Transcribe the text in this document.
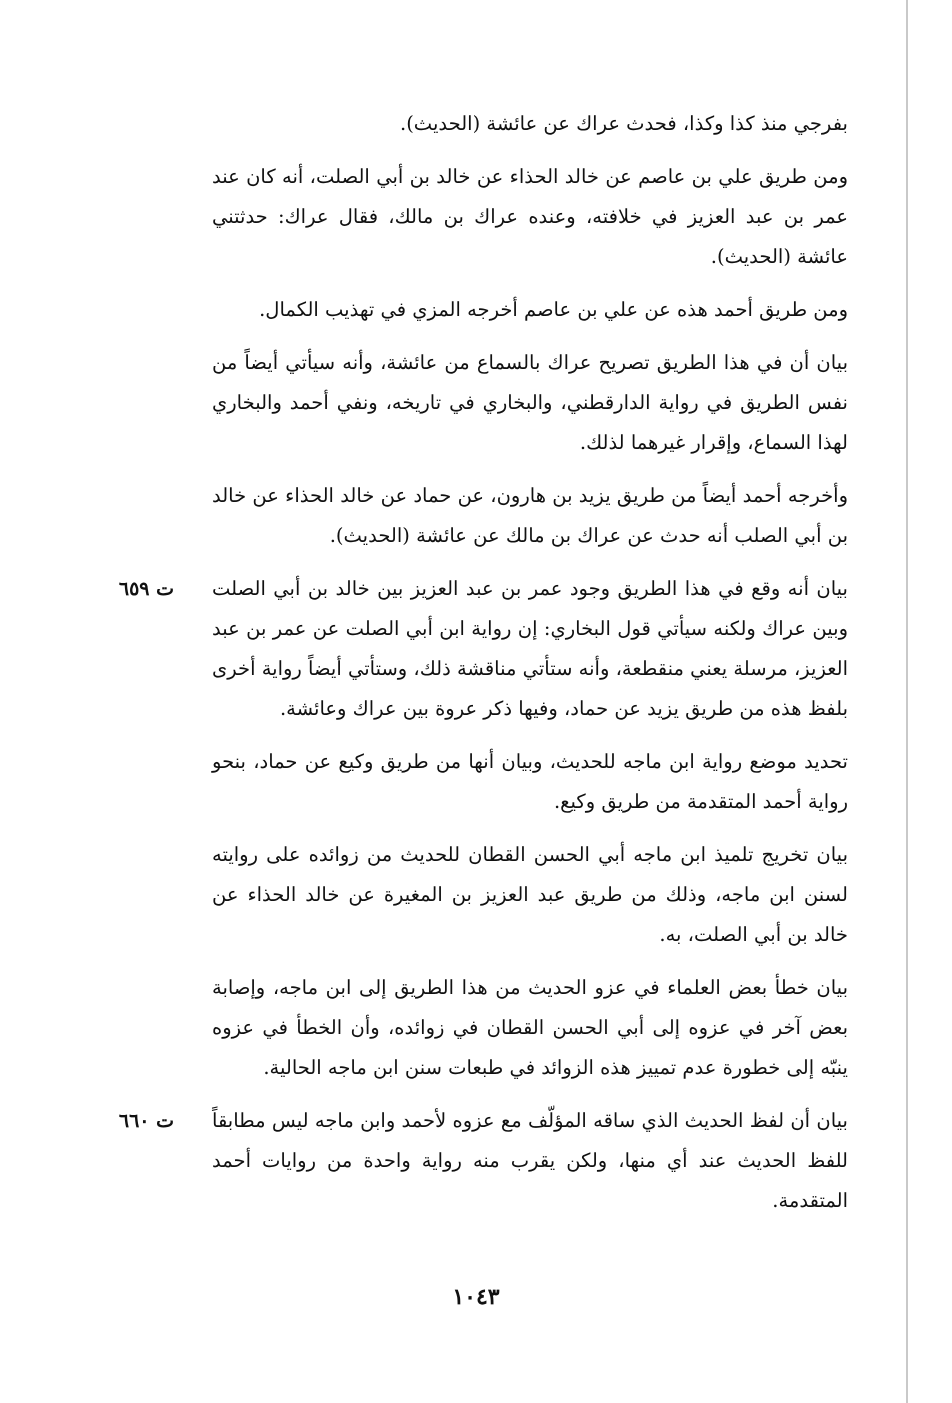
بفرجي منذ كذا وكذا، فحدث عراك عن عائشة (الحديث).
ومن طريق علي بن عاصم عن خالد الحذاء عن خالد بن أبي الصلت، أنه كان عند عمر بن عبد العزيز في خلافته، وعنده عراك بن مالك، فقال عراك: حدثتني عائشة (الحديث).
ومن طريق أحمد هذه عن علي بن عاصم أخرجه المزي في تهذيب الكمال.
بيان أن في هذا الطريق تصريح عراك بالسماع من عائشة، وأنه سيأتي أيضاً من نفس الطريق في رواية الدارقطني، والبخاري في تاريخه، ونفي أحمد والبخاري لهذا السماع، وإقرار غيرهما لذلك.
وأخرجه أحمد أيضاً من طريق يزيد بن هارون، عن حماد عن خالد الحذاء عن خالد بن أبي الصلب أنه حدث عن عراك بن مالك عن عائشة (الحديث).
ت ٦٥٩ بيان أنه وقع في هذا الطريق وجود عمر بن عبد العزيز بين خالد بن أبي الصلت وبين عراك ولكنه سيأتي قول البخاري: إن رواية ابن أبي الصلت عن عمر بن عبد العزيز، مرسلة يعني منقطعة، وأنه ستأتي مناقشة ذلك، وستأتي أيضاً رواية أخرى بلفظ هذه من طريق يزيد عن حماد، وفيها ذكر عروة بين عراك وعائشة.
تحديد موضع رواية ابن ماجه للحديث، وبيان أنها من طريق وكيع عن حماد، بنحو رواية أحمد المتقدمة من طريق وكيع.
بيان تخريج تلميذ ابن ماجه أبي الحسن القطان للحديث من زوائده على روايته لسنن ابن ماجه، وذلك من طريق عبد العزيز بن المغيرة عن خالد الحذاء عن خالد بن أبي الصلت، به.
بيان خطأ بعض العلماء في عزو الحديث من هذا الطريق إلى ابن ماجه، وإصابة بعض آخر في عزوه إلى أبي الحسن القطان في زوائده، وأن الخطأ في عزوه ينبّه إلى خطورة عدم تمييز هذه الزوائد في طبعات سنن ابن ماجه الحالية.
ت ٦٦٠ بيان أن لفظ الحديث الذي ساقه المؤلّف مع عزوه لأحمد وابن ماجه ليس مطابقاً للفظ الحديث عند أي منها، ولكن يقرب منه رواية واحدة من روايات أحمد المتقدمة.
١٠٤٣
